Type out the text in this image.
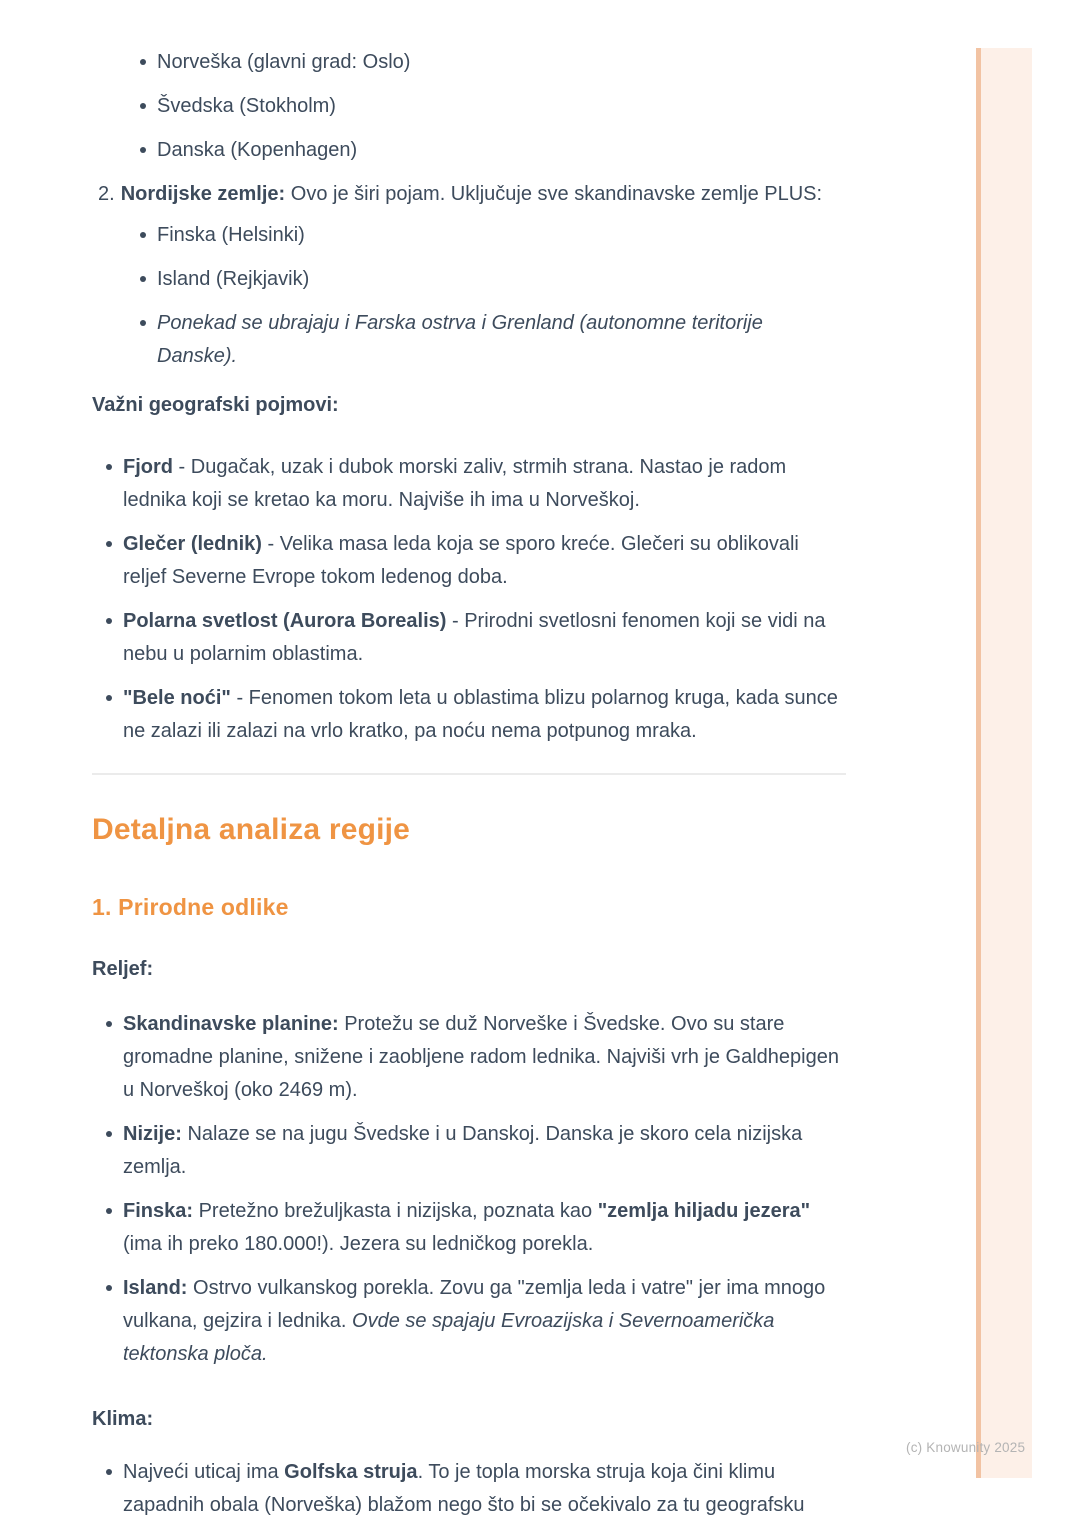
Norveška (glavni grad: Oslo)
Švedska (Stokholm)
Danska (Kopenhagen)
2. Nordijske zemlje: Ovo je širi pojam. Uključuje sve skandinavske zemlje PLUS:
Finska (Helsinki)
Island (Rejkjavik)
Ponekad se ubrajaju i Farska ostrva i Grenland (autonomne teritorije Danske).
Važni geografski pojmovi:
Fjord - Dugačak, uzak i dubok morski zaliv, strmih strana. Nastao je radom lednika koji se kretao ka moru. Najviše ih ima u Norveškoj.
Glečer (lednik) - Velika masa leda koja se sporo kreće. Glečeri su oblikovali reljef Severne Evrope tokom ledenog doba.
Polarna svetlost (Aurora Borealis) - Prirodni svetlosni fenomen koji se vidi na nebu u polarnim oblastima.
"Bele noći" - Fenomen tokom leta u oblastima blizu polarnog kruga, kada sunce ne zalazi ili zalazi na vrlo kratko, pa noću nema potpunog mraka.
Detaljna analiza regije
1. Prirodne odlike
Reljef:
Skandinavske planine: Protežu se duž Norveške i Švedske. Ovo su stare gromadne planine, snižene i zaobljene radom lednika. Najviši vrh je Galdhepigen u Norveškoj (oko 2469 m).
Nizije: Nalaze se na jugu Švedske i u Danskoj. Danska je skoro cela nizijska zemlja.
Finska: Pretežno brežuljkasta i nizijska, poznata kao "zemlja hiljadu jezera" (ima ih preko 180.000!). Jezera su ledničkog porekla.
Island: Ostrvo vulkanskog porekla. Zovu ga "zemlja leda i vatre" jer ima mnogo vulkana, gejzira i lednika. Ovde se spajaju Evroazijska i Severnoamerička tektonska ploča.
Klima:
Najveći uticaj ima Golfska struja. To je topla morska struja koja čini klimu zapadnih obala (Norveška) blažom nego što bi se očekivalo za tu geografsku
(c) Knowunity 2025
